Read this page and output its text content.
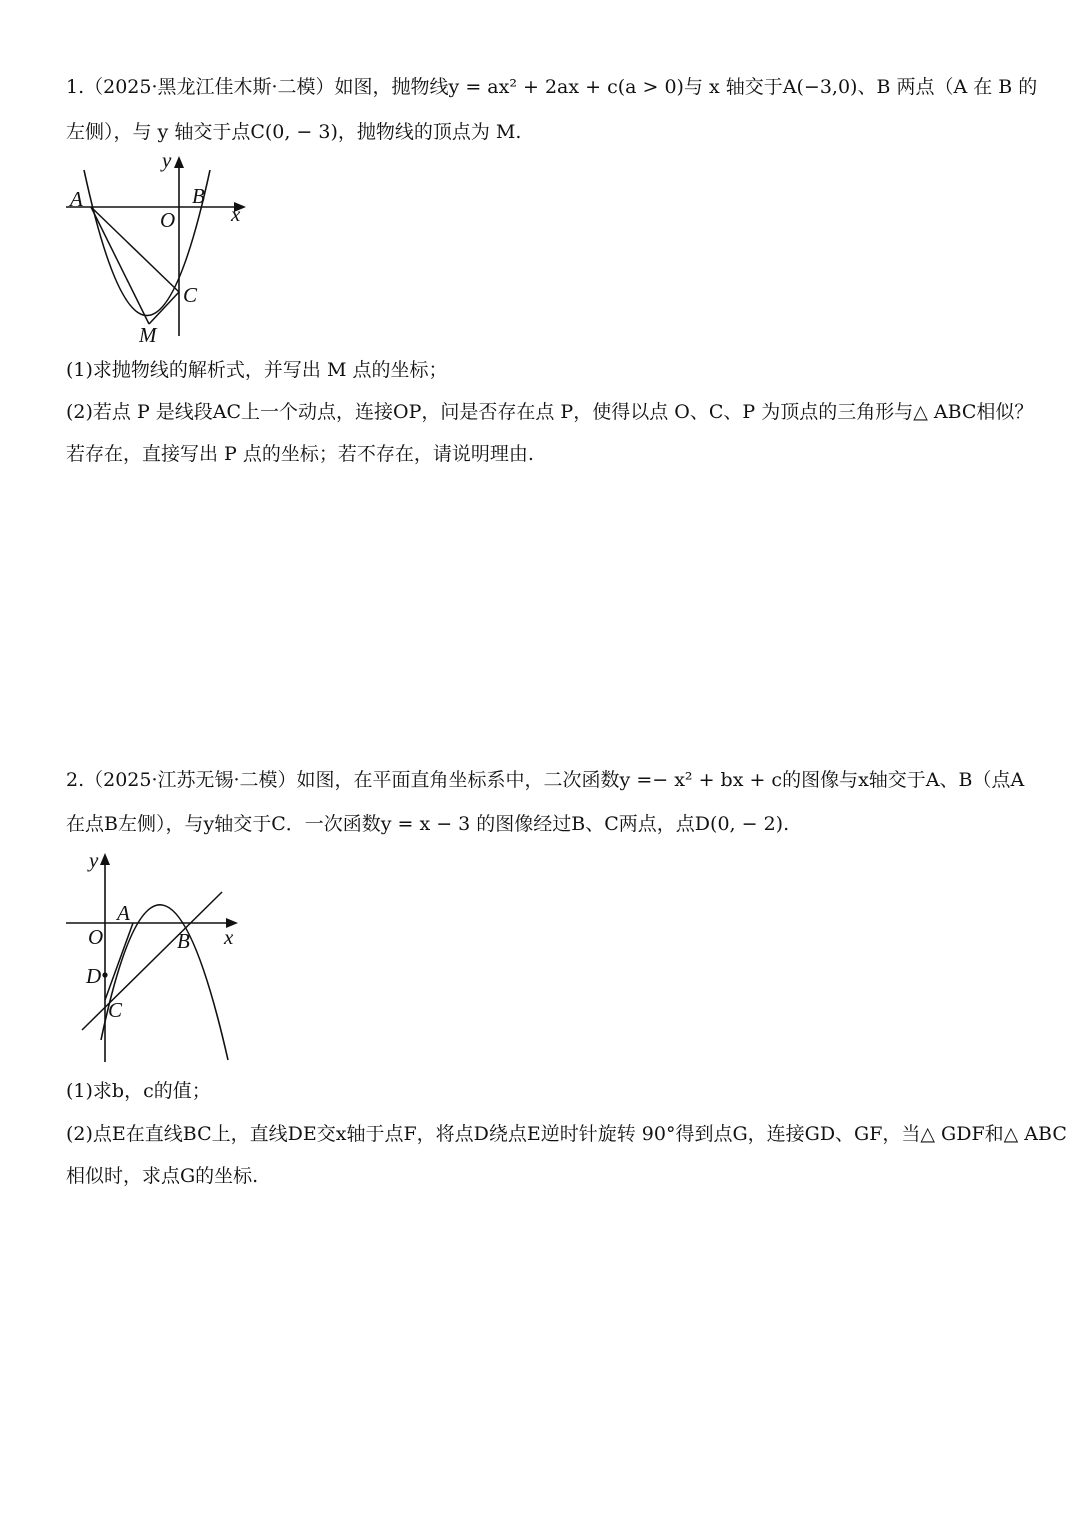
1.（2025·黑龙江佳木斯·二模）如图，抛物线y = ax² + 2ax + c(a > 0)与 x 轴交于A(−3,0)、B 两点（A 在 B 的
左侧），与 y 轴交于点C(0, − 3)，抛物线的顶点为 M.
y
A	B
O	x
C
M
(1)求抛物线的解析式，并写出 M 点的坐标；
(2)若点 P 是线段AC上一个动点，连接OP，问是否存在点 P，使得以点 O、C、P 为顶点的三角形与△ ABC相似？
若存在，直接写出 P 点的坐标；若不存在，请说明理由.
2.（2025·江苏无锡·二模）如图，在平面直角坐标系中，二次函数y =− x² + bx + c的图像与x轴交于A、B（点A
在点B左侧），与y轴交于C．一次函数y = x − 3 的图像经过B、C两点，点D(0, − 2).
y
A
O	B x
D
C
(1)求b，c的值；
(2)点E在直线BC上，直线DE交x轴于点F，将点D绕点E逆时针旋转 90°得到点G，连接GD、GF，当△ GDF和△ ABC
相似时，求点G的坐标.
